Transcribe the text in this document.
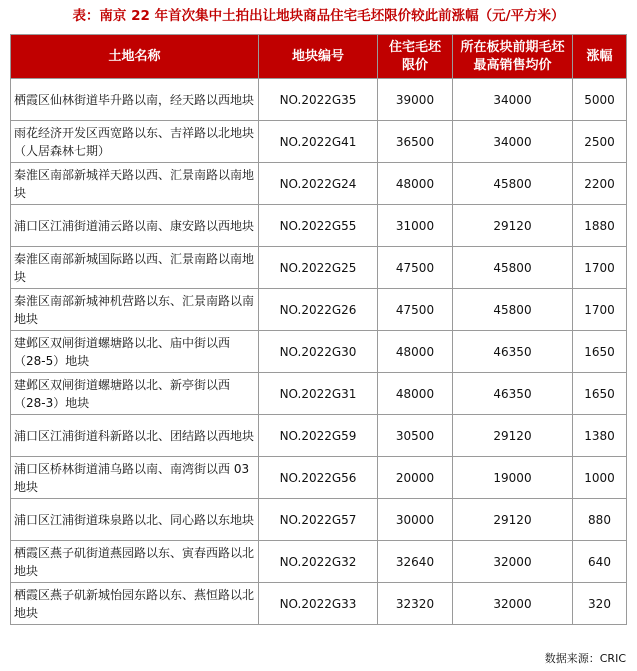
表：南京 22 年首次集中土拍出让地块商品住宅毛坯限价较此前涨幅（元/平方米）
土地名称	地块编号	住宅毛坯限价	所在板块前期毛坯最高销售均价	涨幅
栖霞区仙林街道毕升路以南，经天路以西地块	NO.2022G35	39000	34000	5000
雨花经济开发区西宽路以东、吉祥路以北地块（人居森林七期）	NO.2022G41	36500	34000	2500
秦淮区南部新城祥天路以西、汇景南路以南地块	NO.2022G24	48000	45800	2200
浦口区江浦街道浦云路以南、康安路以西地块	NO.2022G55	31000	29120	1880
秦淮区南部新城国际路以西、汇景南路以南地块	NO.2022G25	47500	45800	1700
秦淮区南部新城神机营路以东、汇景南路以南地块	NO.2022G26	47500	45800	1700
建邺区双闸街道螺塘路以北、庙中街以西（28-5）地块	NO.2022G30	48000	46350	1650
建邺区双闸街道螺塘路以北、新亭街以西（28-3）地块	NO.2022G31	48000	46350	1650
浦口区江浦街道科新路以北、团结路以西地块	NO.2022G59	30500	29120	1380
浦口区桥林街道浦乌路以南、南湾街以西 03 地块	NO.2022G56	20000	19000	1000
浦口区江浦街道珠泉路以北、同心路以东地块	NO.2022G57	30000	29120	880
栖霞区燕子矶街道燕园路以东、寅春西路以北地块	NO.2022G32	32640	32000	640
栖霞区燕子矶新城怡园东路以东、燕恒路以北地块	NO.2022G33	32320	32000	320
数据来源：CRIC
